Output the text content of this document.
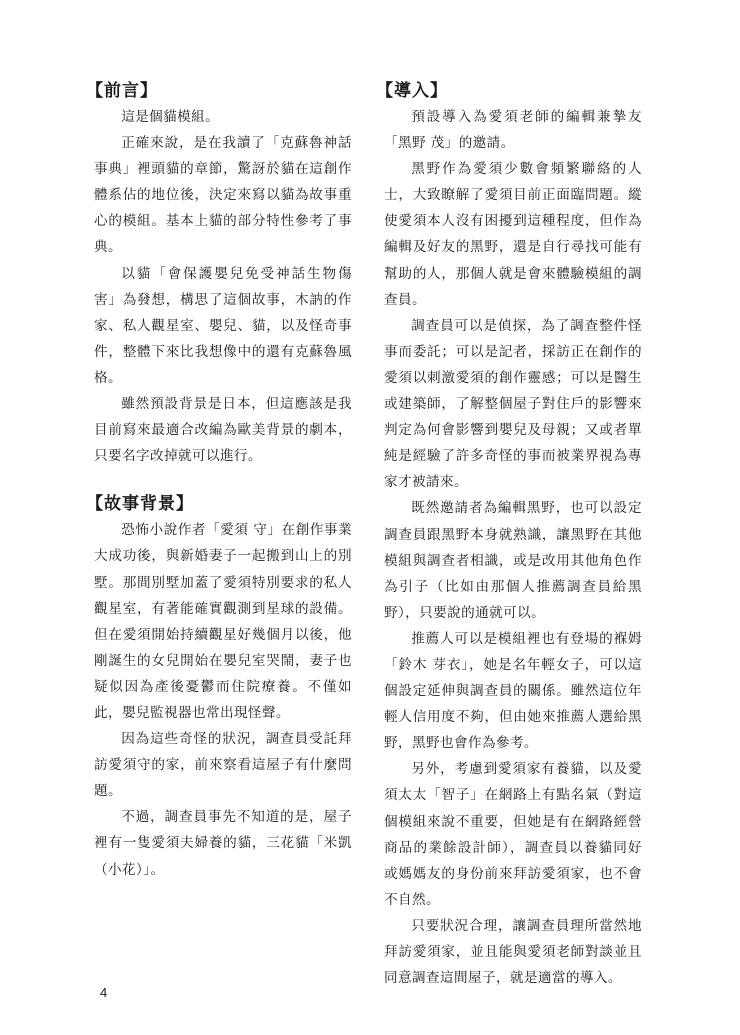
【前言】

這是個貓模組。

正確來說，是在我讀了「克蘇魯神話事典」裡頭貓的章節，驚訝於貓在這創作體系佔的地位後，決定來寫以貓為故事重心的模組。基本上貓的部分特性參考了事典。

以貓「會保護嬰兒免受神話生物傷害」為發想，構思了這個故事，木訥的作家、私人觀星室、嬰兒、貓，以及怪奇事件，整體下來比我想像中的還有克蘇魯風格。

雖然預設背景是日本，但這應該是我目前寫來最適合改編為歐美背景的劇本，只要名字改掉就可以進行。

【故事背景】

恐怖小說作者「愛須 守」在創作事業大成功後，與新婚妻子一起搬到山上的別墅。那間別墅加蓋了愛須特別要求的私人觀星室，有著能確實觀測到星球的設備。但在愛須開始持續觀星好幾個月以後，他剛誕生的女兒開始在嬰兒室哭鬧，妻子也疑似因為產後憂鬱而住院療養。不僅如此，嬰兒監視器也常出現怪聲。

因為這些奇怪的狀況，調查員受託拜訪愛須守的家，前來察看這屋子有什麼問題。

不過，調查員事先不知道的是，屋子裡有一隻愛須夫婦養的貓，三花貓「米凱（小花）」。

【導入】

預設導入為愛須老師的編輯兼摯友「黑野 茂」的邀請。

黑野作為愛須少數會頻繁聯絡的人士，大致瞭解了愛須目前正面臨問題。縱使愛須本人沒有困擾到這種程度，但作為編輯及好友的黑野，還是自行尋找可能有幫助的人，那個人就是會來體驗模組的調查員。

調查員可以是偵探，為了調查整件怪事而委託；可以是記者，採訪正在創作的愛須以刺激愛須的創作靈感；可以是醫生或建築師，了解整個屋子對住戶的影響來判定為何會影響到嬰兒及母親；又或者單純是經驗了許多奇怪的事而被業界視為專家才被請來。

既然邀請者為編輯黑野，也可以設定調查員跟黑野本身就熟識，讓黑野在其他模組與調查者相識，或是改用其他角色作為引子（比如由那個人推薦調查員給黑野），只要說的通就可以。

推薦人可以是模組裡也有登場的褓姆「鈴木 芽衣」，她是名年輕女子，可以這個設定延伸與調查員的關係。雖然這位年輕人信用度不夠，但由她來推薦人選給黑野，黑野也會作為參考。

另外，考慮到愛須家有養貓，以及愛須太太「智子」在網路上有點名氣（對這個模組來說不重要，但她是有在網路經營商品的業餘設計師），調查員以養貓同好或媽媽友的身份前來拜訪愛須家，也不會不自然。

只要狀況合理，讓調查員理所當然地拜訪愛須家，並且能與愛須老師對談並且同意調查這間屋子，就是適當的導入。

4
